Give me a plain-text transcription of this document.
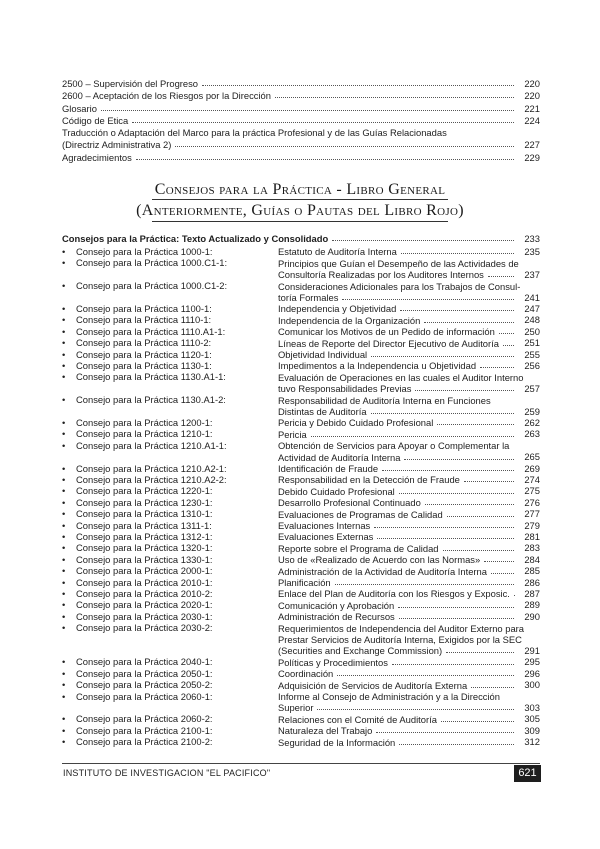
2500 – Supervisión del Progreso	220
2600 – Aceptación de los Riesgos por la Dirección	220
Glosario	221
Código de Etica	224
Traducción o Adaptación del Marco para la práctica Profesional y de las Guías Relacionadas
(Directriz Administrativa 2)	227
Agradecimientos	229
Consejos para la Práctica - Libro General
(Anteriormente, Guías o Pautas del Libro Rojo)
Consejos para la Práctica: Texto Actualizado y Consolidado	233
•	Consejo para la Práctica 1000-1:	Estatuto de Auditoría Interna	235
•	Consejo para la Práctica 1000.C1-1:	Principios que Guían el Desempeño de las Actividades de
Consultoría Realizadas por los Auditores Internos	237
•	Consejo para la Práctica 1000.C1-2:	Consideraciones Adicionales para los Trabajos de Consul-
toría Formales	241
•	Consejo para la Práctica 1100-1:	Independencia y Objetividad	247
•	Consejo para la Práctica 1110-1:	Independencia de la Organización	248
•	Consejo para la Práctica 1110.A1-1:	Comunicar los Motivos de un Pedido de información	250
•	Consejo para la Práctica 1110-2:	Líneas de Reporte del Director Ejecutivo de Auditoría	251
•	Consejo para la Práctica 1120-1:	Objetividad Individual	255
•	Consejo para la Práctica 1130-1:	Impedimentos a la Independencia u Objetividad	256
•	Consejo para la Práctica 1130.A1-1:	Evaluación de Operaciones en las cuales el Auditor Interno
tuvo Responsabilidades Previas	257
•	Consejo para la Práctica 1130.A1-2:	Responsabilidad de Auditoría Interna en Funciones
Distintas de Auditoría	259
•	Consejo para la Práctica 1200-1:	Pericia y Debido Cuidado Profesional	262
•	Consejo para la Práctica 1210-1:	Pericia	263
•	Consejo para la Práctica 1210.A1-1:	Obtención de Servicios para Apoyar o Complementar la
Actividad de Auditoría Interna	265
•	Consejo para la Práctica 1210.A2-1:	Identificación de Fraude	269
•	Consejo para la Práctica 1210.A2-2:	Responsabilidad en la Detección de Fraude	274
•	Consejo para la Práctica 1220-1:	Debido Cuidado Profesional	275
•	Consejo para la Práctica 1230-1:	Desarrollo Profesional Continuado	276
•	Consejo para la Práctica 1310-1:	Evaluaciones de Programas de Calidad	277
•	Consejo para la Práctica 1311-1:	Evaluaciones Internas	279
•	Consejo para la Práctica 1312-1:	Evaluaciones Externas	281
•	Consejo para la Práctica 1320-1:	Reporte sobre el Programa de Calidad	283
•	Consejo para la Práctica 1330-1:	Uso de «Realizado de Acuerdo con las Normas»	284
•	Consejo para la Práctica 2000-1:	Administración de la Actividad de Auditoría Interna	285
•	Consejo para la Práctica 2010-1:	Planificación	286
•	Consejo para la Práctica 2010-2:	Enlace del Plan de Auditoría con los Riesgos y Exposic.	287
•	Consejo para la Práctica 2020-1:	Comunicación y Aprobación	289
•	Consejo para la Práctica 2030-1:	Administración de Recursos	290
•	Consejo para la Práctica 2030-2:	Requerimientos de Independencia del Auditor Externo para
Prestar Servicios de Auditoría Interna, Exigidos por la SEC
(Securities and Exchange Commission)	291
•	Consejo para la Práctica 2040-1:	Políticas y Procedimientos	295
•	Consejo para la Práctica 2050-1:	Coordinación	296
•	Consejo para la Práctica 2050-2:	Adquisición de Servicios de Auditoría Externa	300
•	Consejo para la Práctica 2060-1:	Informe al Consejo de Administración y a la Dirección
Superior	303
•	Consejo para la Práctica 2060-2:	Relaciones con el Comité de Auditoría	305
•	Consejo para la Práctica 2100-1:	Naturaleza del Trabajo	309
•	Consejo para la Práctica 2100-2:	Seguridad de la Información	312
INSTITUTO DE INVESTIGACION "EL PACIFICO"	621
